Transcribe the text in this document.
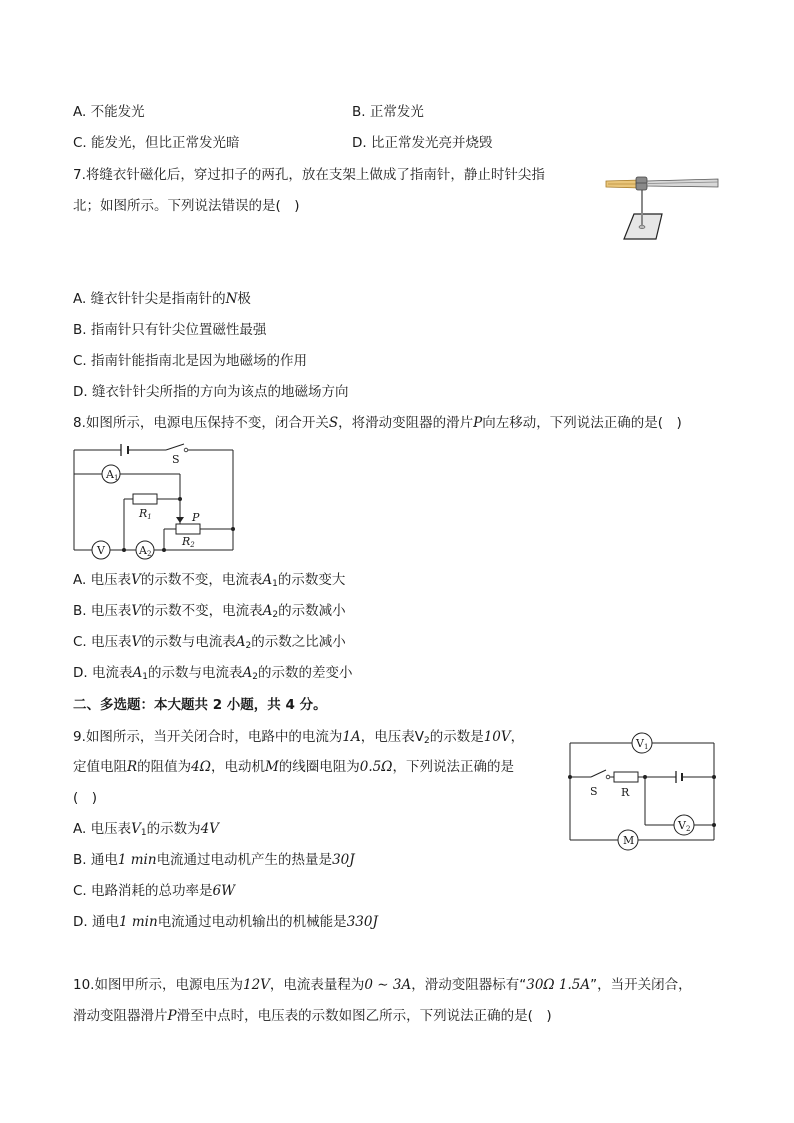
A. 不能发光	B. 正常发光
C. 能发光，但比正常发光暗	D. 比正常发光亮并烧毁
7.将缝衣针磁化后，穿过扣子的两孔，放在支架上做成了指南针，静止时针尖指
北；如图所示。下列说法错误的是(　)
A. 缝衣针针尖是指南针的N极
B. 指南针只有针尖位置磁性最强
C. 指南针能指南北是因为地磁场的作用
D. 缝衣针针尖所指的方向为该点的地磁场方向
8.如图所示，电源电压保持不变，闭合开关S，将滑动变阻器的滑片P向左移动，下列说法正确的是(　)
S
A1
R1	P
R2
V	A2
A. 电压表V的示数不变，电流表$A_1$的示数变大
B. 电压表V的示数不变，电流表$A_2$的示数减小
C. 电压表V的示数与电流表$A_2$的示数之比减小
D. 电流表$A_1$的示数与电流表$A_2$的示数的差变小
二、多选题：本大题共 2 小题，共 4 分。
9.如图所示，当开关闭合时，电路中的电流为1A，电压表$V_2$的示数是10V，
定值电阻R的阻值为4Ω，电动机M的线圈电阻为0.5Ω，下列说法正确的是
(　)
V1
S R
V2
M
A. 电压表$V_1$的示数为4V
B. 通电1 min电流通过电动机产生的热量是30J
C. 电路消耗的总功率是6W
D. 通电1 min电流通过电动机输出的机械能是330J
10.如图甲所示，电源电压为12V，电流表量程为0 ∼ 3A，滑动变阻器标有“30Ω 1.5A”，当开关闭合，
滑动变阻器滑片P滑至中点时，电压表的示数如图乙所示，下列说法正确的是(　)
